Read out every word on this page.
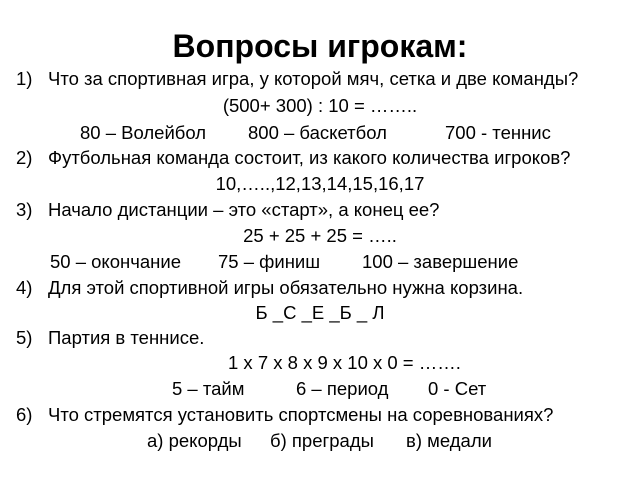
Вопросы игрокам:
1) Что за спортивная игра, у которой мяч, сетка и две команды?
(500+ 300) : 10 = ……..
80 – Волейбол 800 – баскетбол	700 - теннис
2) Футбольная команда состоит, из какого количества игроков?
10,…..,12,13,14,15,16,17
3) Начало дистанции – это «старт», а конец ее?
25 + 25 + 25 = …..
50 – окончание 75 – финиш 100 – завершение
4) Для этой спортивной игры обязательно нужна корзина.
Б _С _Е _Б _ Л
5) Партия в теннисе.
1 х 7 х 8 х 9 х 10 х 0 = …….
5 – тайм	6 – период 0 - Сет
6) Что стремятся установить спортсмены на соревнованиях?
а) рекорды б) преграды в) медали
